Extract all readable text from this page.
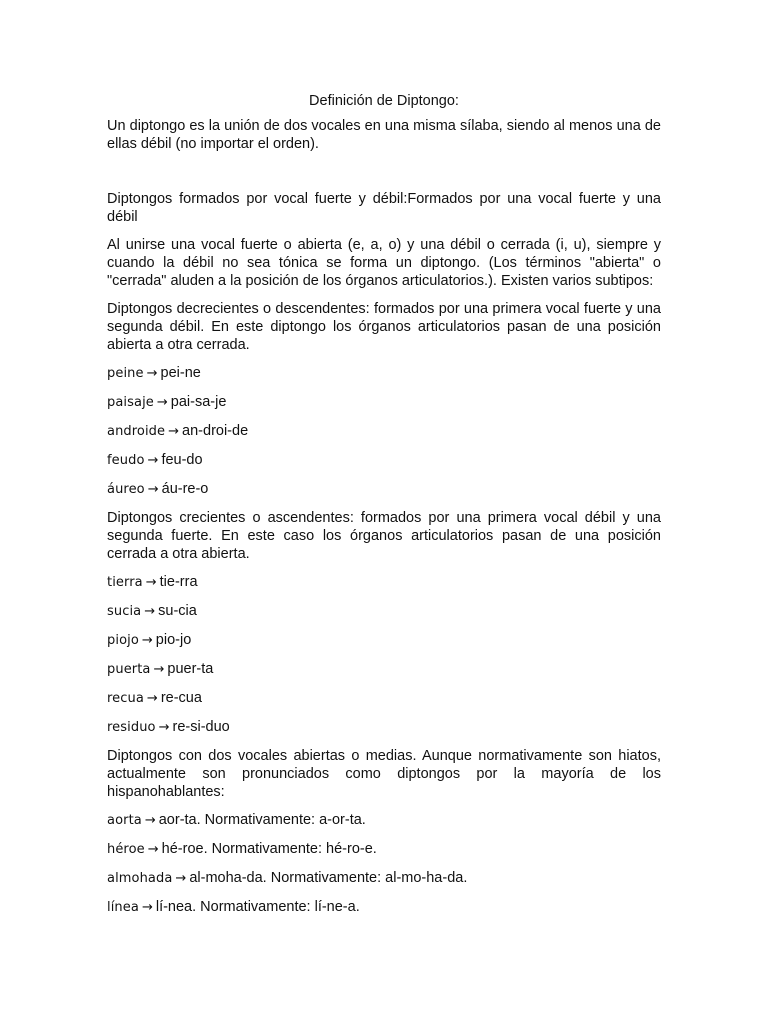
Definición de Diptongo:
Un diptongo es la unión de dos vocales en una misma sílaba, siendo al menos una de ellas débil (no importar el orden).
Diptongos formados por vocal fuerte y débil:Formados por una vocal fuerte y una débil
Al unirse una vocal fuerte o abierta (e, a, o) y una débil o cerrada (i, u), siempre y cuando la débil no sea tónica se forma un diptongo. (Los términos "abierta" o "cerrada" aluden a la posición de los órganos articulatorios.). Existen varios subtipos:
Diptongos decrecientes o descendentes: formados por una primera vocal fuerte y una segunda débil. En este diptongo los órganos articulatorios pasan de una posición abierta a otra cerrada.
peine → pei-ne
paisaje → pai-sa-je
androide → an-droi-de
feudo → feu-do
áureo → áu-re-o
Diptongos crecientes o ascendentes: formados por una primera vocal débil y una segunda fuerte. En este caso los órganos articulatorios pasan de una posición cerrada a otra abierta.
tierra → tie-rra
sucia → su-cia
piojo → pio-jo
puerta → puer-ta
recua → re-cua
residuo → re-si-duo
Diptongos con dos vocales abiertas o medias. Aunque normativamente son hiatos, actualmente son pronunciados como diptongos por la mayoría de los hispanohablantes:
aorta → aor-ta. Normativamente: a-or-ta.
héroe → hé-roe. Normativamente: hé-ro-e.
almohada → al-moha-da. Normativamente: al-mo-ha-da.
línea → lí-nea. Normativamente: lí-ne-a.
